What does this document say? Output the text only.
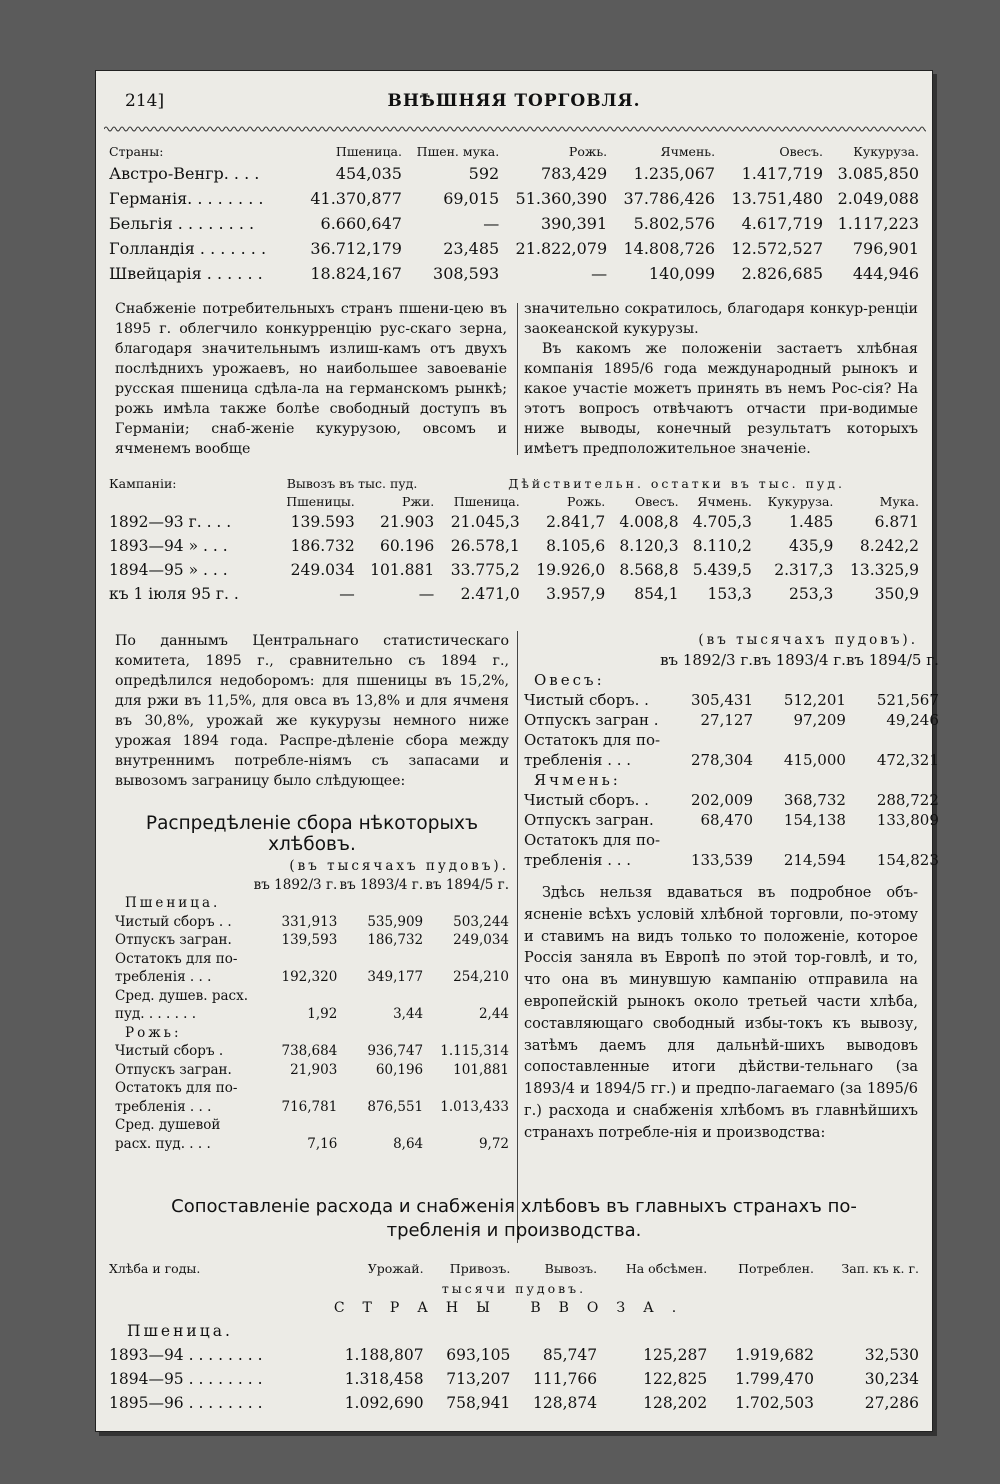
214]	ВНѢШНЯЯ ТОРГОВЛЯ.
Страны:	Пшеница.	Пшен. мука.	Рожь.	Ячмень.	Овесъ.	Кукуруза.
Австро-Венгр. . . .	454,035	592	783,429	1.235,067	1.417,719	3.085,850
Германія. . . . . . . .	41.370,877	69,015	51.360,390	37.786,426	13.751,480	2.049,088
Бельгія . . . . . . . .	6.660,647	—	390,391	5.802,576	4.617,719	1.117,223
Голландія . . . . . . .	36.712,179	23,485	21.822,079	14.808,726	12.572,527	796,901
Швейцарія . . . . . .	18.824,167	308,593	—	140,099	2.826,685	444,946
Снабженіе потребительныхъ странъ пшени-цею въ 1895 г. облегчило конкурренцію рус-скаго зерна, благодаря значительнымъ излиш-камъ отъ двухъ послѣднихъ урожаевъ, но наибольшее завоеваніе русская пшеница сдѣла-ла на германскомъ рынкѣ; рожь имѣла также болѣе свободный доступъ въ Германіи; снаб-женіе кукурузою, овсомъ и ячменемъ вообще
значительно сократилось, благодаря конкур-ренціи заокеанской кукурузы.
Въ какомъ же положеніи застаетъ хлѣбная компанія 1895/6 года международный рынокъ и какое участіе можетъ принять въ немъ Рос-сія? На этотъ вопросъ отвѣчаютъ отчасти при-водимые ниже выводы, конечный результатъ которыхъ имѣетъ предположительное значеніе.
Кампаніи:	Вывозъ въ тыс. пуд.		Дѣйствительн. остатки въ тыс. пуд.					
	Пшеницы.	Ржи.	Пшеница.	Рожь.	Овесъ.	Ячмень.	Кукуруза.	Мука.
1892—93 г. . . .	139.593	21.903	21.045,3	2.841,7	4.008,8	4.705,3	1.485	6.871
1893—94 » . . .	186.732	60.196	26.578,1	8.105,6	8.120,3	8.110,2	435,9	8.242,2
1894—95 » . . .	249.034	101.881	33.775,2	19.926,0	8.568,8	5.439,5	2.317,3	13.325,9
къ 1 іюля 95 г. .	—	—	2.471,0	3.957,9	854,1	153,3	253,3	350,9
По даннымъ Центральнаго статистическаго комитета, 1895 г., сравнительно съ 1894 г., опредѣлился недоборомъ: для пшеницы въ 15,2%, для ржи въ 11,5%, для овса въ 13,8% и для ячменя въ 30,8%, урожай же кукурузы немного ниже урожая 1894 года. Распре-дѣленіе сбора между внутреннимъ потребле-ніямъ съ запасами и вывозомъ заграницу было слѣдующее:
Распредѣленіе сбора нѣкоторыхъ хлѣбовъ.
(въ тысячахъ пудовъ).
	въ 1892/3 г.	въ 1893/4 г.	въ 1894/5 г.
Пшеница.			
Чистый сборъ . .	331,913	535,909	503,244
Отпускъ загран.	139,593	186,732	249,034
Остатокъ для по-			
требленія . . .	192,320	349,177	254,210
Сред. душев. расх.			
пуд. . . . . . .	1,92	3,44	2,44
Рожь:			
Чистый сборъ .	738,684	936,747	1.115,314
Отпускъ загран.	21,903	60,196	101,881
Остатокъ для по-			
требленія . . .	716,781	876,551	1.013,433
Сред. душевой			
расх. пуд. . . .	7,16	8,64	9,72
(въ тысячахъ пудовъ).
	въ 1892/3 г.	въ 1893/4 г.	въ 1894/5 г.
Овесъ:			
Чистый сборъ. .	305,431	512,201	521,567
Отпускъ загран .	27,127	97,209	49,246
Остатокъ для по-			
требленія . . .	278,304	415,000	472,321
Ячмень:			
Чистый сборъ. .	202,009	368,732	288,722
Отпускъ загран.	68,470	154,138	133,809
Остатокъ для по-			
требленія . . .	133,539	214,594	154,823
Здѣсь нельзя вдаваться въ подробное объ-ясненіе всѣхъ условій хлѣбной торговли, по-этому и ставимъ на видъ только то положеніе, которое Россія заняла въ Европѣ по этой тор-говлѣ, и то, что она въ минувшую кампанію отправила на европейскій рынокъ около третьей части хлѣба, составляющаго свободный избы-токъ къ вывозу, затѣмъ даемъ для дальнѣй-шихъ выводовъ сопоставленные итоги дѣйстви-тельнаго (за 1893/4 и 1894/5 гг.) и предпо-лагаемаго (за 1895/6 г.) расхода и снабженія хлѣбомъ въ главнѣйшихъ странахъ потребле-нія и производства:
Сопоставленіе расхода и снабженія хлѣбовъ въ главныхъ странахъ по-
требленія и производства.
Хлѣба и годы.	Урожай.	Привозъ.	Вывозъ.	На обсѣмен.	Потреблен.	Зап. къ к. г.
тысячи пудовъ.						
СТРАНЫ ВВОЗА.						
Пшеница.						
1893—94 . . . . . . . .	1.188,807	693,105	85,747	125,287	1.919,682	32,530
1894—95 . . . . . . . .	1.318,458	713,207	111,766	122,825	1.799,470	30,234
1895—96 . . . . . . . .	1.092,690	758,941	128,874	128,202	1.702,503	27,286
